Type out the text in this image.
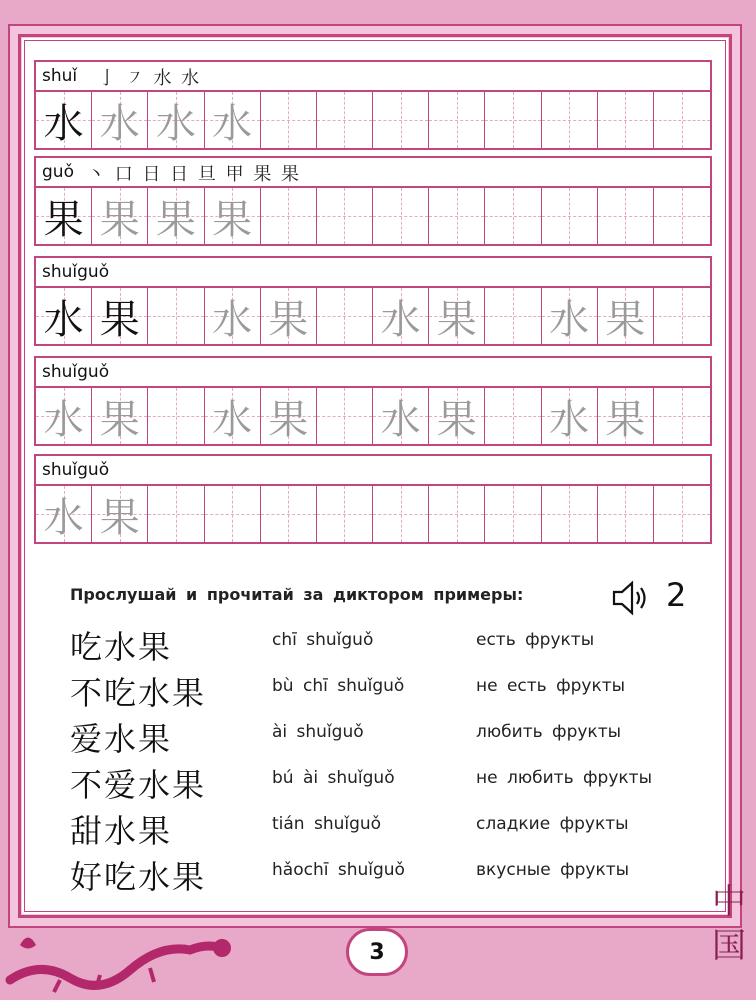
shuǐ 亅 ㇇ 水 水
水 水 水 水
guǒ 丶 口 日 日 旦 甲 果 果
果 果 果 果
shuǐguǒ
水 果 水 果 水 果 水 果
shuǐguǒ
水 果 水 果 水 果 水 果
shuǐguǒ
水 果
Прослушай и прочитай за диктором примеры:	2
吃水果	chī shuǐguǒ	есть фрукты
不吃水果	bù chī shuǐguǒ	не есть фрукты
爱水果	ài shuǐguǒ	любить фрукты
不爱水果	bú ài shuǐguǒ	не любить фрукты
甜水果	tián shuǐguǒ	сладкие фрукты
好吃水果	hǎochī shuǐguǒ	вкусные фрукты
3
中
国
